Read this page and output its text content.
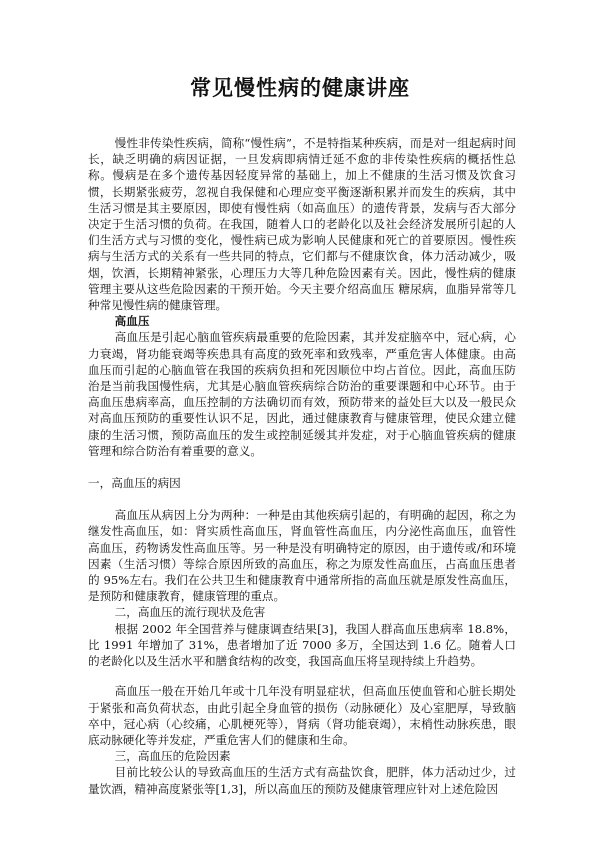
常见慢性病的健康讲座

慢性非传染性疾病，简称“慢性病”，不是特指某种疾病，而是对一组起病时间长，缺乏明确的病因证据，一旦发病即病情迁延不愈的非传染性疾病的概括性总称。慢病是在多个遗传基因轻度异常的基础上，加上不健康的生活习惯及饮食习惯，长期紧张疲劳，忽视自我保健和心理应变平衡逐渐积累并而发生的疾病，其中生活习惯是其主要原因，即使有慢性病（如高血压）的遗传背景，发病与否大部分决定于生活习惯的负荷。在我国，随着人口的老龄化以及社会经济发展所引起的人们生活方式与习惯的变化，慢性病已成为影响人民健康和死亡的首要原因。慢性疾病与生活方式的关系有一些共同的特点，它们都与不健康饮食，体力活动减少，吸烟，饮酒，长期精神紧张，心理压力大等几种危险因素有关。因此，慢性病的健康管理主要从这些危险因素的干预开始。今天主要介绍高血压 糖尿病，血脂异常等几种常见慢性病的健康管理。

高血压

高血压是引起心脑血管疾病最重要的危险因素，其并发症脑卒中，冠心病，心力衰竭，肾功能衰竭等疾患具有高度的致死率和致残率，严重危害人体健康。由高血压而引起的心脑血管在我国的疾病负担和死因顺位中均占首位。因此，高血压防治是当前我国慢性病，尤其是心脑血管疾病综合防治的重要课题和中心环节。由于高血压患病率高，血压控制的方法确切而有效，预防带来的益处巨大以及一般民众对高血压预防的重要性认识不足，因此，通过健康教育与健康管理，使民众建立健康的生活习惯，预防高血压的发生或控制延缓其并发症，对于心脑血管疾病的健康管理和综合防治有着重要的意义。

一，高血压的病因

高血压从病因上分为两种：一种是由其他疾病引起的，有明确的起因，称之为继发性高血压，如：肾实质性高血压，肾血管性高血压，内分泌性高血压，血管性高血压，药物诱发性高血压等。另一种是没有明确特定的原因，由于遗传或/和环境因素（生活习惯）等综合原因所致的高血压，称之为原发性高血压，占高血压患者的 95%左右。我们在公共卫生和健康教育中通常所指的高血压就是原发性高血压，是预防和健康教育，健康管理的重点。

二，高血压的流行现状及危害

根据 2002 年全国营养与健康调查结果[3]，我国人群高血压患病率 18.8%，比 1991 年增加了 31%，患者增加了近 7000 多万，全国达到 1.6 亿。随着人口的老龄化以及生活水平和膳食结构的改变，我国高血压将呈现持续上升趋势。

高血压一般在开始几年或十几年没有明显症状，但高血压使血管和心脏长期处于紧张和高负荷状态，由此引起全身血管的损伤（动脉硬化）及心室肥厚，导致脑卒中，冠心病（心绞痛，心肌梗死等），肾病（肾功能衰竭），末梢性动脉疾患，眼底动脉硬化等并发症，严重危害人们的健康和生命。

三，高血压的危险因素

目前比较公认的导致高血压的生活方式有高盐饮食，肥胖，体力活动过少，过量饮酒，精神高度紧张等[1,3]，所以高血压的预防及健康管理应针对上述危险因
